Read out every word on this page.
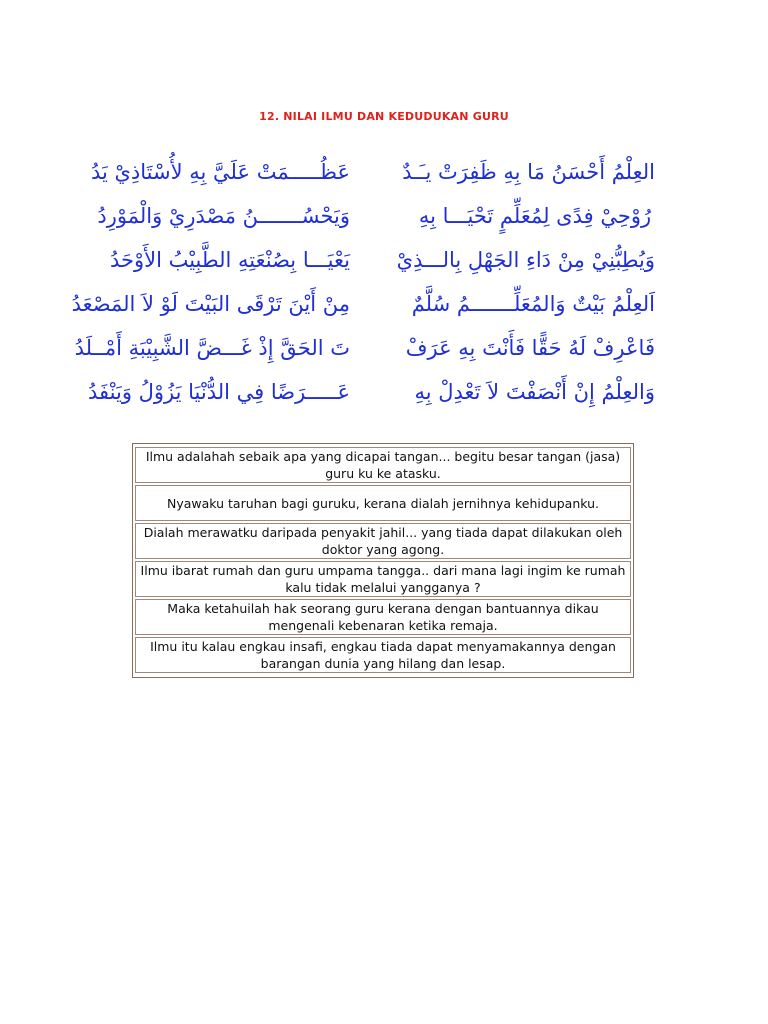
12. NILAI ILMU DAN KEDUDUKAN GURU
العِلْمُ أَحْسَنُ مَا بِهِ ظَفِرَتْ يـَـدٌ
عَظُـــــمَتْ عَلَيَّ بِهِ لأُسْتَاذِيْ يَدُ
رُوْحِيْ فِدًى لِمُعَلِّمٍ تَحْيَـــا بِهِ
وَيَحْسُـــــــنُ مَصْدَرِيْ وَالْمَوْرِدُ
وَيُطِبُّنِيْ مِنْ دَاءِ الجَهْلِ بِالـــذِيْ
يَعْيَـــا بِصُنْعَتِهِ الطَّبِيْبُ الأَوْحَدُ
اَلعِلْمُ بَيْتٌ وَالمُعَلِّـــــــمُ سُلَّمٌ
مِنْ أَيْنَ تَرْقَى البَيْتَ لَوْ لاَ المَصْعَدُ
فَاعْرِفْ لَهُ حَقًّا فَأَنْتَ بِهِ عَرَفْ
تَ الحَقَّ إِذْ غَـــضَّ الشَّبِيْبَةِ أَمْــلَدُ
وَالعِلْمُ إِنْ أَنْصَفْتَ لاَ تَعْدِلْ بِهِ
عَـــــرَضًا فِي الدُّنْيَا يَزُوْلُ وَيَنْفَدُ
Ilmu adalahah sebaik apa yang dicapai tangan... begitu besar tangan (jasa) guru ku ke atasku.
Nyawaku taruhan bagi guruku, kerana dialah jernihnya kehidupanku.
Dialah merawatku daripada penyakit jahil... yang tiada dapat dilakukan oleh doktor yang agong.
Ilmu ibarat rumah dan guru umpama tangga.. dari mana lagi ingim ke rumah kalu tidak melalui yangganya ?
Maka ketahuilah hak seorang guru kerana dengan bantuannya dikau mengenali kebenaran ketika remaja.
Ilmu itu kalau engkau insafi, engkau tiada dapat menyamakannya dengan barangan dunia yang hilang dan lesap.
